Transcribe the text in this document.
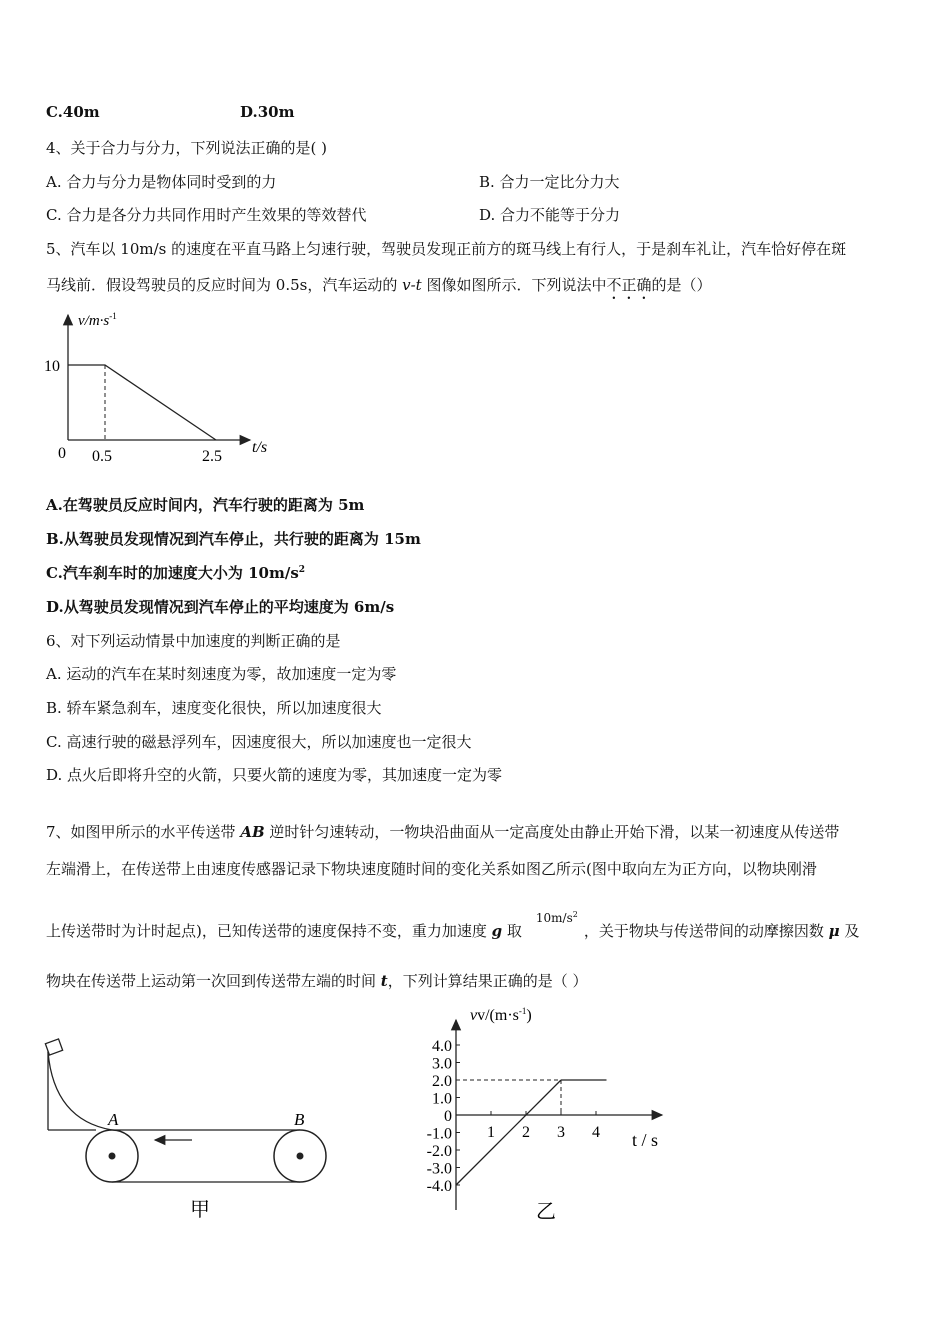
C.40m	D.30m
4、关于合力与分力，下列说法正确的是( )
A. 合力与分力是物体同时受到的力	B. 合力一定比分力大
C. 合力是各分力共同作用时产生效果的等效替代	D. 合力不能等于分力
5、汽车以 10m/s 的速度在平直马路上匀速行驶，驾驶员发现正前方的斑马线上有行人，于是刹车礼让，汽车恰好停在斑
马线前．假设驾驶员的反应时间为 0.5s，汽车运动的 v-t 图像如图所示．下列说法中不正确的是（）
$v/m\cdot s^{-1}$
10
0 0.5	2.5
t/s
A.在驾驶员反应时间内，汽车行驶的距离为 5m
B.从驾驶员发现情况到汽车停止，共行驶的距离为 15m
C.汽车刹车时的加速度大小为 $10m/s^2$
D.从驾驶员发现情况到汽车停止的平均速度为 6m/s
6、对下列运动情景中加速度的判断正确的是
A. 运动的汽车在某时刻速度为零，故加速度一定为零
B. 轿车紧急刹车，速度变化很快，所以加速度很大
C. 高速行驶的磁悬浮列车，因速度很大，所以加速度也一定很大
D. 点火后即将升空的火箭，只要火箭的速度为零，其加速度一定为零
7、如图甲所示的水平传送带 AB 逆时针匀速转动，一物块沿曲面从一定高度处由静止开始下滑，以某一初速度从传送带
左端滑上，在传送带上由速度传感器记录下物块速度随时间的变化关系如图乙所示(图中取向左为正方向，以物块刚滑
上传送带时为计时起点)，已知传送带的速度保持不变，重力加速度 g 取$^{10m/s^2}$，关于物块与传送带间的动摩擦因数 μ 及
物块在传送带上运动第一次回到传送带左端的时间 t，下列计算结果正确的是（ ）
A	B
甲
4.0
3.0
2.0
1.0
0
-1.0
-2.0
-3.0
-4.0
1 2 3 4
$vv/(m\cdot s^{-1})$
t / s
乙
